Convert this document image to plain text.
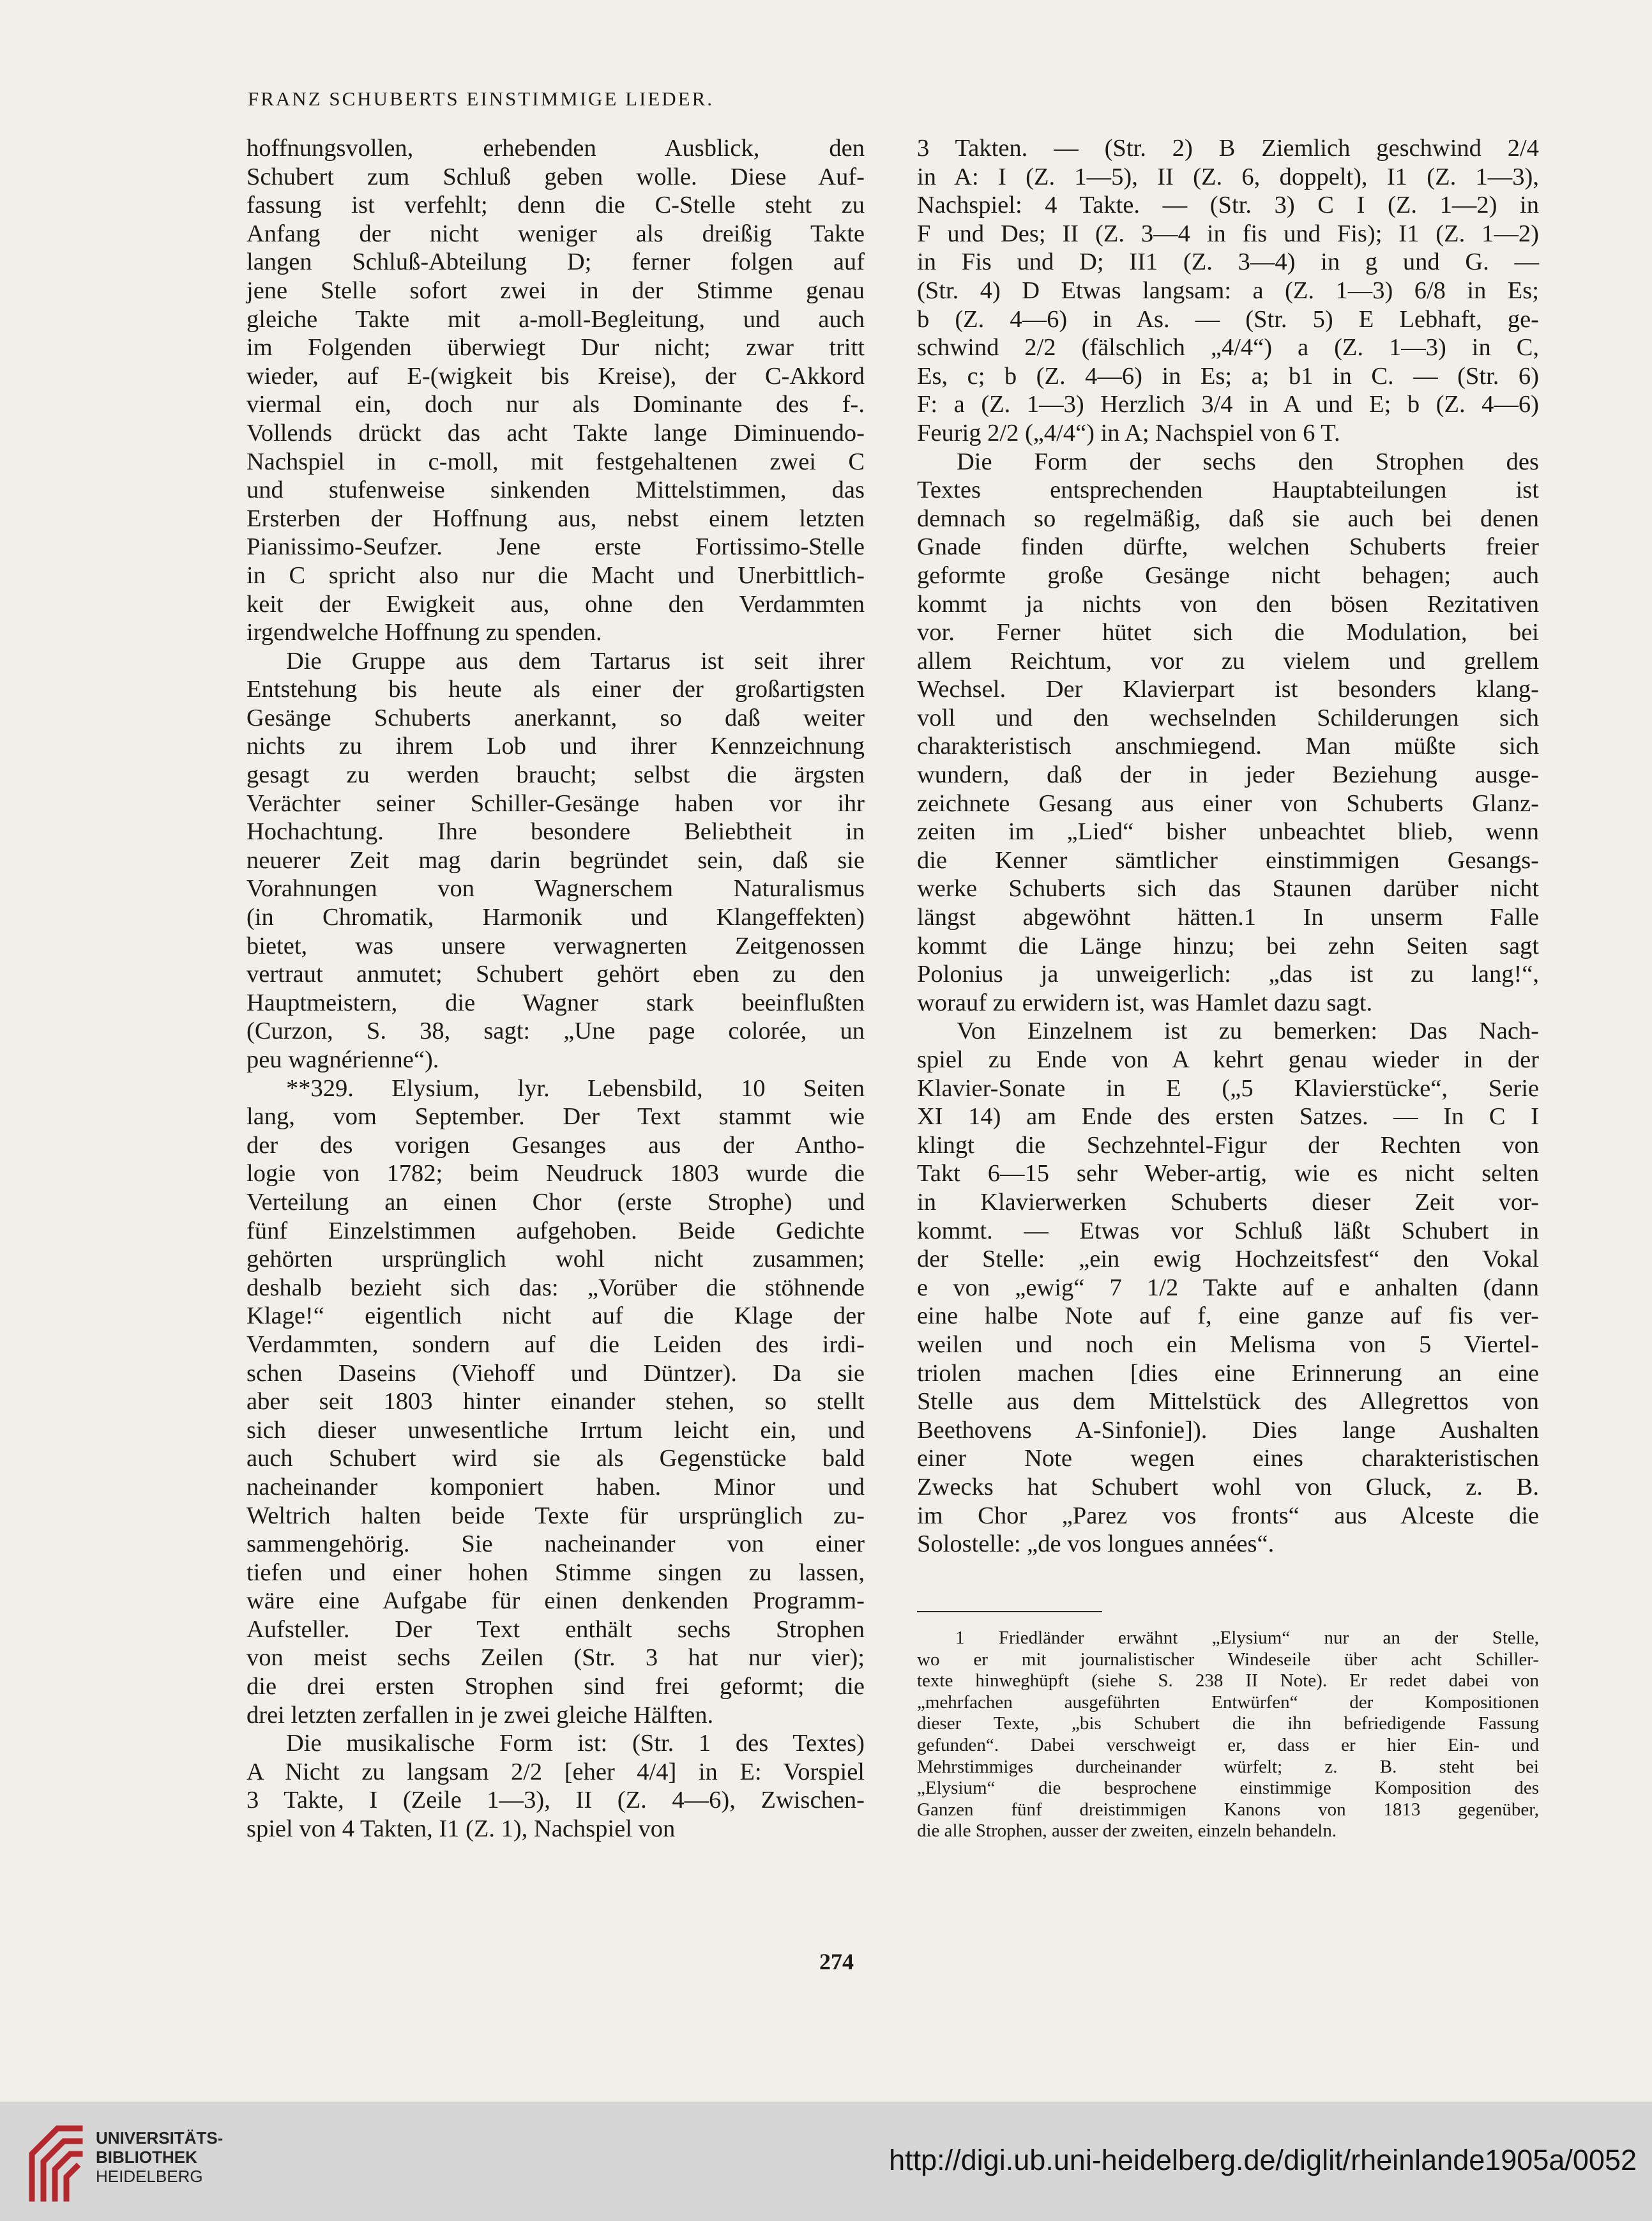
FRANZ SCHUBERTS EINSTIMMIGE LIEDER.
hoffnungsvollen, erhebenden Ausblick, den
Schubert zum Schluß geben wolle. Diese Auf-
fassung ist verfehlt; denn die C-Stelle steht zu
Anfang der nicht weniger als dreißig Takte
langen Schluß-Abteilung D; ferner folgen auf
jene Stelle sofort zwei in der Stimme genau
gleiche Takte mit a-moll-Begleitung, und auch
im Folgenden überwiegt Dur nicht; zwar tritt
wieder, auf E-(wigkeit bis Kreise), der C-Akkord
viermal ein, doch nur als Dominante des f-.
Vollends drückt das acht Takte lange Diminuendo-
Nachspiel in c-moll, mit festgehaltenen zwei C
und stufenweise sinkenden Mittelstimmen, das
Ersterben der Hoffnung aus, nebst einem letzten
Pianissimo-Seufzer. Jene erste Fortissimo-Stelle
in C spricht also nur die Macht und Unerbittlich-
keit der Ewigkeit aus, ohne den Verdammten
irgendwelche Hoffnung zu spenden.
Die Gruppe aus dem Tartarus ist seit ihrer
Entstehung bis heute als einer der großartigsten
Gesänge Schuberts anerkannt, so daß weiter
nichts zu ihrem Lob und ihrer Kennzeichnung
gesagt zu werden braucht; selbst die ärgsten
Verächter seiner Schiller-Gesänge haben vor ihr
Hochachtung. Ihre besondere Beliebtheit in
neuerer Zeit mag darin begründet sein, daß sie
Vorahnungen von Wagnerschem Naturalismus
(in Chromatik, Harmonik und Klangeffekten)
bietet, was unsere verwagnerten Zeitgenossen
vertraut anmutet; Schubert gehört eben zu den
Hauptmeistern, die Wagner stark beeinflußten
(Curzon, S. 38, sagt: „Une page colorée, un
peu wagnérienne“).
**329. Elysium, lyr. Lebensbild, 10 Seiten
lang, vom September. Der Text stammt wie
der des vorigen Gesanges aus der Antho-
logie von 1782; beim Neudruck 1803 wurde die
Verteilung an einen Chor (erste Strophe) und
fünf Einzelstimmen aufgehoben. Beide Gedichte
gehörten ursprünglich wohl nicht zusammen;
deshalb bezieht sich das: „Vorüber die stöhnende
Klage!“ eigentlich nicht auf die Klage der
Verdammten, sondern auf die Leiden des irdi-
schen Daseins (Viehoff und Düntzer). Da sie
aber seit 1803 hinter einander stehen, so stellt
sich dieser unwesentliche Irrtum leicht ein, und
auch Schubert wird sie als Gegenstücke bald
nacheinander komponiert haben. Minor und
Weltrich halten beide Texte für ursprünglich zu-
sammengehörig. Sie nacheinander von einer
tiefen und einer hohen Stimme singen zu lassen,
wäre eine Aufgabe für einen denkenden Programm-
Aufsteller. Der Text enthält sechs Strophen
von meist sechs Zeilen (Str. 3 hat nur vier);
die drei ersten Strophen sind frei geformt; die
drei letzten zerfallen in je zwei gleiche Hälften.
Die musikalische Form ist: (Str. 1 des Textes)
A Nicht zu langsam 2/2 [eher 4/4] in E: Vorspiel
3 Takte, I (Zeile 1—3), II (Z. 4—6), Zwischen-
spiel von 4 Takten, I1 (Z. 1), Nachspiel von
3 Takten. — (Str. 2) B Ziemlich geschwind 2/4
in A: I (Z. 1—5), II (Z. 6, doppelt), I1 (Z. 1—3),
Nachspiel: 4 Takte. — (Str. 3) C I (Z. 1—2) in
F und Des; II (Z. 3—4 in fis und Fis); I1 (Z. 1—2)
in Fis und D; II1 (Z. 3—4) in g und G. —
(Str. 4) D Etwas langsam: a (Z. 1—3) 6/8 in Es;
b (Z. 4—6) in As. — (Str. 5) E Lebhaft, ge-
schwind 2/2 (fälschlich „4/4“) a (Z. 1—3) in C,
Es, c; b (Z. 4—6) in Es; a; b1 in C. — (Str. 6)
F: a (Z. 1—3) Herzlich 3/4 in A und E; b (Z. 4—6)
Feurig 2/2 („4/4“) in A; Nachspiel von 6 T.
Die Form der sechs den Strophen des
Textes entsprechenden Hauptabteilungen ist
demnach so regelmäßig, daß sie auch bei denen
Gnade finden dürfte, welchen Schuberts freier
geformte große Gesänge nicht behagen; auch
kommt ja nichts von den bösen Rezitativen
vor. Ferner hütet sich die Modulation, bei
allem Reichtum, vor zu vielem und grellem
Wechsel. Der Klavierpart ist besonders klang-
voll und den wechselnden Schilderungen sich
charakteristisch anschmiegend. Man müßte sich
wundern, daß der in jeder Beziehung ausge-
zeichnete Gesang aus einer von Schuberts Glanz-
zeiten im „Lied“ bisher unbeachtet blieb, wenn
die Kenner sämtlicher einstimmigen Gesangs-
werke Schuberts sich das Staunen darüber nicht
längst abgewöhnt hätten.1 In unserm Falle
kommt die Länge hinzu; bei zehn Seiten sagt
Polonius ja unweigerlich: „das ist zu lang!“,
worauf zu erwidern ist, was Hamlet dazu sagt.
Von Einzelnem ist zu bemerken: Das Nach-
spiel zu Ende von A kehrt genau wieder in der
Klavier-Sonate in E („5 Klavierstücke“, Serie
XI 14) am Ende des ersten Satzes. — In C I
klingt die Sechzehntel-Figur der Rechten von
Takt 6—15 sehr Weber-artig, wie es nicht selten
in Klavierwerken Schuberts dieser Zeit vor-
kommt. — Etwas vor Schluß läßt Schubert in
der Stelle: „ein ewig Hochzeitsfest“ den Vokal
e von „ewig“ 7 1/2 Takte auf e anhalten (dann
eine halbe Note auf f, eine ganze auf fis ver-
weilen und noch ein Melisma von 5 Viertel-
triolen machen [dies eine Erinnerung an eine
Stelle aus dem Mittelstück des Allegrettos von
Beethovens A-Sinfonie]). Dies lange Aushalten
einer Note wegen eines charakteristischen
Zwecks hat Schubert wohl von Gluck, z. B.
im Chor „Parez vos fronts“ aus Alceste die
Solostelle: „de vos longues années“.
1 Friedländer erwähnt „Elysium“ nur an der Stelle,
wo er mit journalistischer Windeseile über acht Schiller-
texte hinweghüpft (siehe S. 238 II Note). Er redet dabei von
„mehrfachen ausgeführten Entwürfen“ der Kompositionen
dieser Texte, „bis Schubert die ihn befriedigende Fassung
gefunden“. Dabei verschweigt er, dass er hier Ein- und
Mehrstimmiges durcheinander würfelt; z. B. steht bei
„Elysium“ die besprochene einstimmige Komposition des
Ganzen fünf dreistimmigen Kanons von 1813 gegenüber,
die alle Strophen, ausser der zweiten, einzeln behandeln.
274
UNIVERSITÄTS-
BIBLIOTHEK
HEIDELBERG	http://digi.ub.uni-heidelberg.de/diglit/rheinlande1905a/0052
